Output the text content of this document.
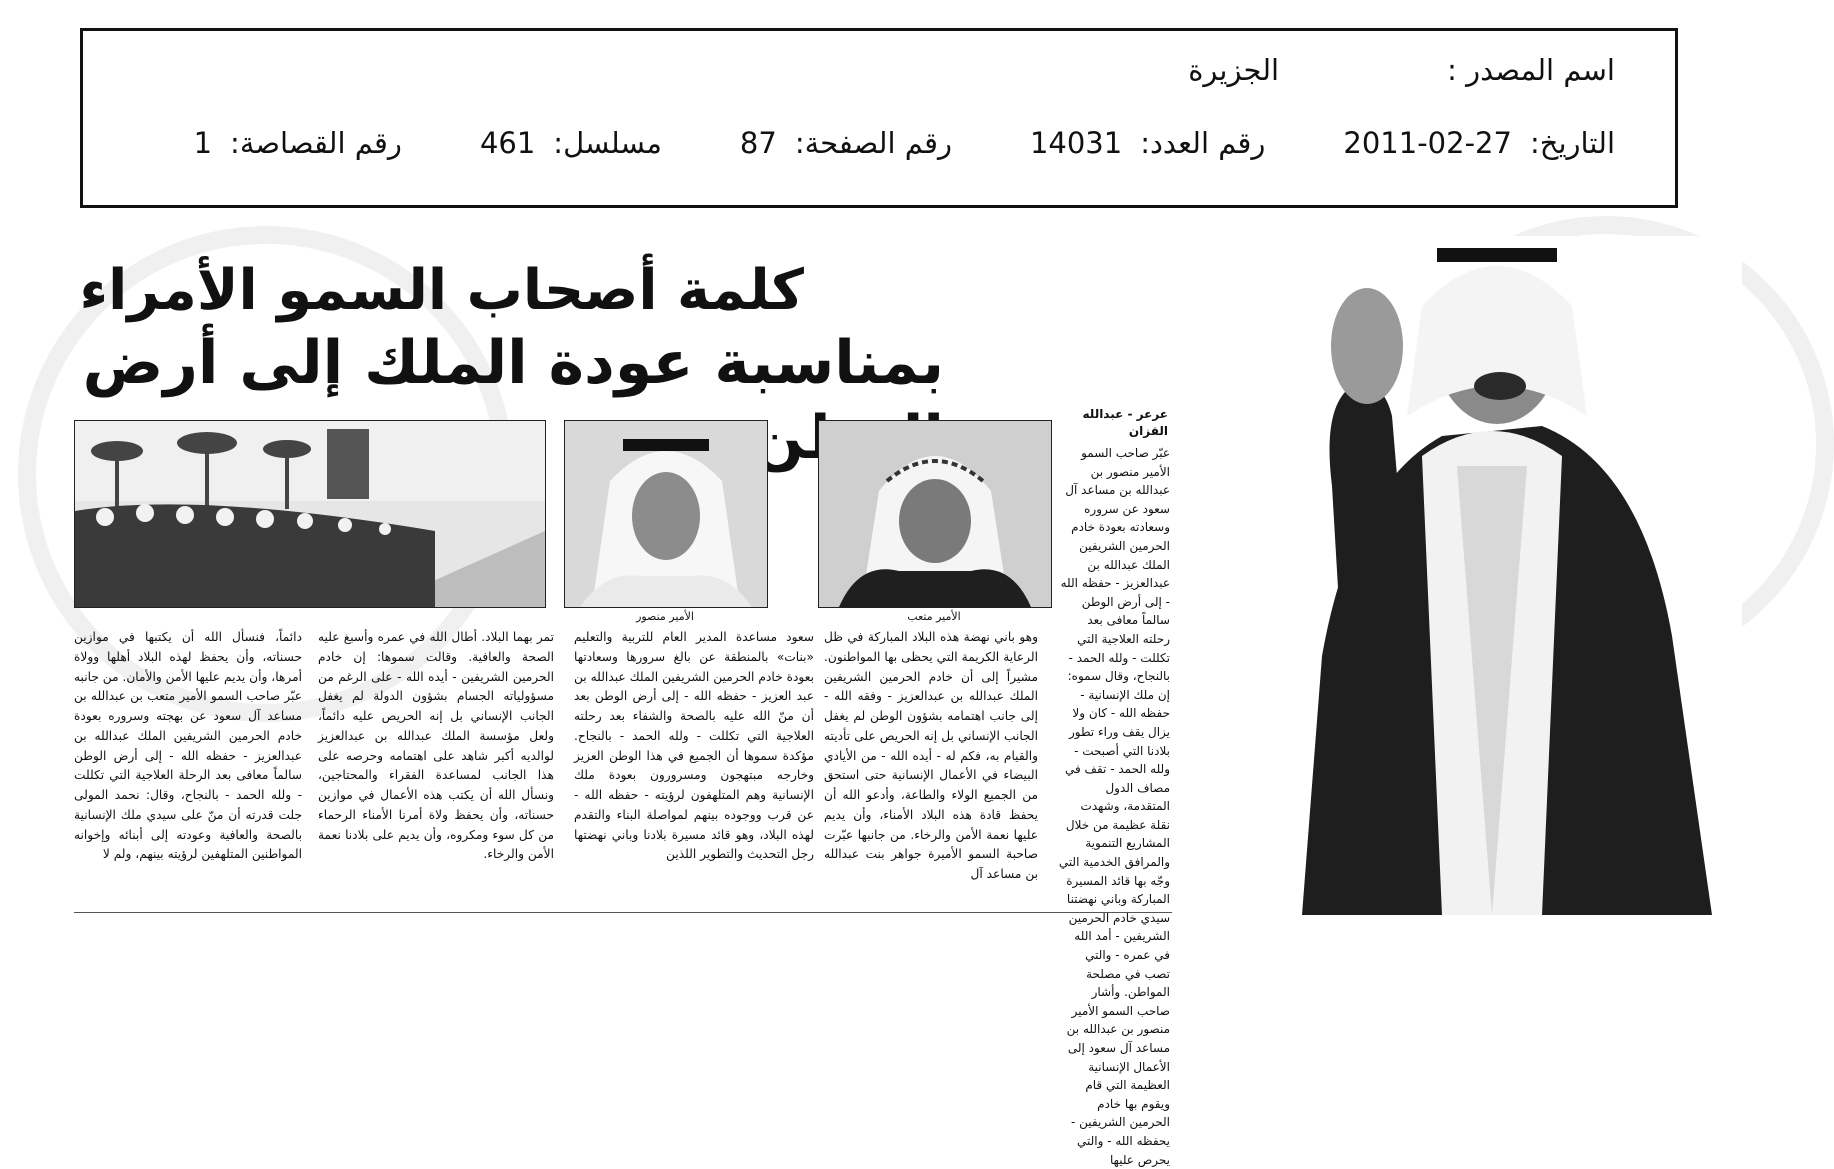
اسم المصدر :
الجزيرة
التاريخ:
2011-02-27
رقم العدد:
14031
رقم الصفحة:
87
مسلسل:
461
رقم القصاصة:
1
كلمة أصحاب السمو الأمراء
بمناسبة عودة الملك إلى أرض
عرعر - عبدالله القزان
عبّر صاحب السمو الأمير منصور بن عبدالله بن مساعد آل سعود عن سروره وسعادته بعودة خادم الحرمين الشريفين الملك عبدالله بن عبدالعزيز - حفظه الله - إلى أرض الوطن سالماً معافى بعد رحلته العلاجية التي تكللت - ولله الحمد - بالنجاح، وقال سموه: إن ملك الإنسانية - حفظه الله - كان ولا يزال يقف وراء تطور بلادنا التي أصبحت - ولله الحمد - تقف في مصاف الدول المتقدمة، وشهدت نقلة عظيمة من خلال المشاريع التنموية والمرافق الخدمية التي وجّه بها قائد المسيرة المباركة وباني نهضتنا سيدي خادم الحرمين الشريفين - أمد الله في عمره - والتي تصب في مصلحة المواطن. وأشار صاحب السمو الأمير منصور بن عبدالله بن مساعد آل سعود إلى الأعمال الإنسانية العظيمة التي قام ويقوم بها خادم الحرمين الشريفين - يحفظه الله - والتي يحرص عليها
الأمير متعب
الأمير منصور
وهو باني نهضة هذه البلاد المباركة في ظل الرعاية الكريمة التي يحظى بها المواطنون. مشيراً إلى أن خادم الحرمين الشريفين الملك عبدالله بن عبدالعزيز - وفقه الله - إلى جانب اهتمامه بشؤون الوطن لم يغفل الجانب الإنساني بل إنه الحريص على تأديته والقيام به، فكم له - أيده الله - من الأيادي البيضاء في الأعمال الإنسانية حتى استحق من الجميع الولاء والطاعة، وأدعو الله أن يحفظ قادة هذه البلاد الأمناء، وأن يديم عليها نعمة الأمن والرخاء. من جانبها عبّرت صاحبة السمو الأميرة جواهر بنت عبدالله بن مساعد آل
سعود مساعدة المدير العام للتربية والتعليم «بنات» بالمنطقة عن بالغ سرورها وسعادتها بعودة خادم الحرمين الشريفين الملك عبدالله بن عبد العزيز - حفظه الله - إلى أرض الوطن بعد أن منّ الله عليه بالصحة والشفاء بعد رحلته العلاجية التي تكللت - ولله الحمد - بالنجاح. مؤكدة سموها أن الجميع في هذا الوطن العزيز وخارجه مبتهجون ومسرورون بعودة ملك الإنسانية وهم المتلهفون لرؤيته - حفظه الله - عن قرب ووجوده بينهم لمواصلة البناء والتقدم لهذه البلاد، وهو قائد مسيرة بلادنا وباني نهضتها رجل التحديث والتطوير اللذين
تمر بهما البلاد. أطال الله في عمره وأسبغ عليه الصحة والعافية. وقالت سموها: إن خادم الحرمين الشريفين - أيده الله - على الرغم من مسؤولياته الجسام بشؤون الدولة لم يغفل الجانب الإنساني بل إنه الحريص عليه دائماً، ولعل مؤسسة الملك عبدالله بن عبدالعزيز لوالديه أكبر شاهد على اهتمامه وحرصه على هذا الجانب لمساعدة الفقراء والمحتاجين، ونسأل الله أن يكتب هذه الأعمال في موازين حسناته، وأن يحفظ ولاة أمرنا الأمناء الرحماء من كل سوء ومكروه، وأن يديم على بلادنا نعمة الأمن والرخاء.
دائماً، فنسأل الله أن يكتبها في موازين حسناته، وأن يحفظ لهذه البلاد أهلها وولاة أمرها، وأن يديم عليها الأمن والأمان. من جانبه عبّر صاحب السمو الأمير متعب بن عبدالله بن مساعد آل سعود عن بهجته وسروره بعودة خادم الحرمين الشريفين الملك عبدالله بن عبدالعزيز - حفظه الله - إلى أرض الوطن سالماً معافى بعد الرحلة العلاجية التي تكللت - ولله الحمد - بالنجاح، وقال: نحمد المولى جلت قدرته أن منّ على سيدي ملك الإنسانية بالصحة والعافية وعودته إلى أبنائه وإخوانه المواطنين المتلهفين لرؤيته بينهم، ولم لا
